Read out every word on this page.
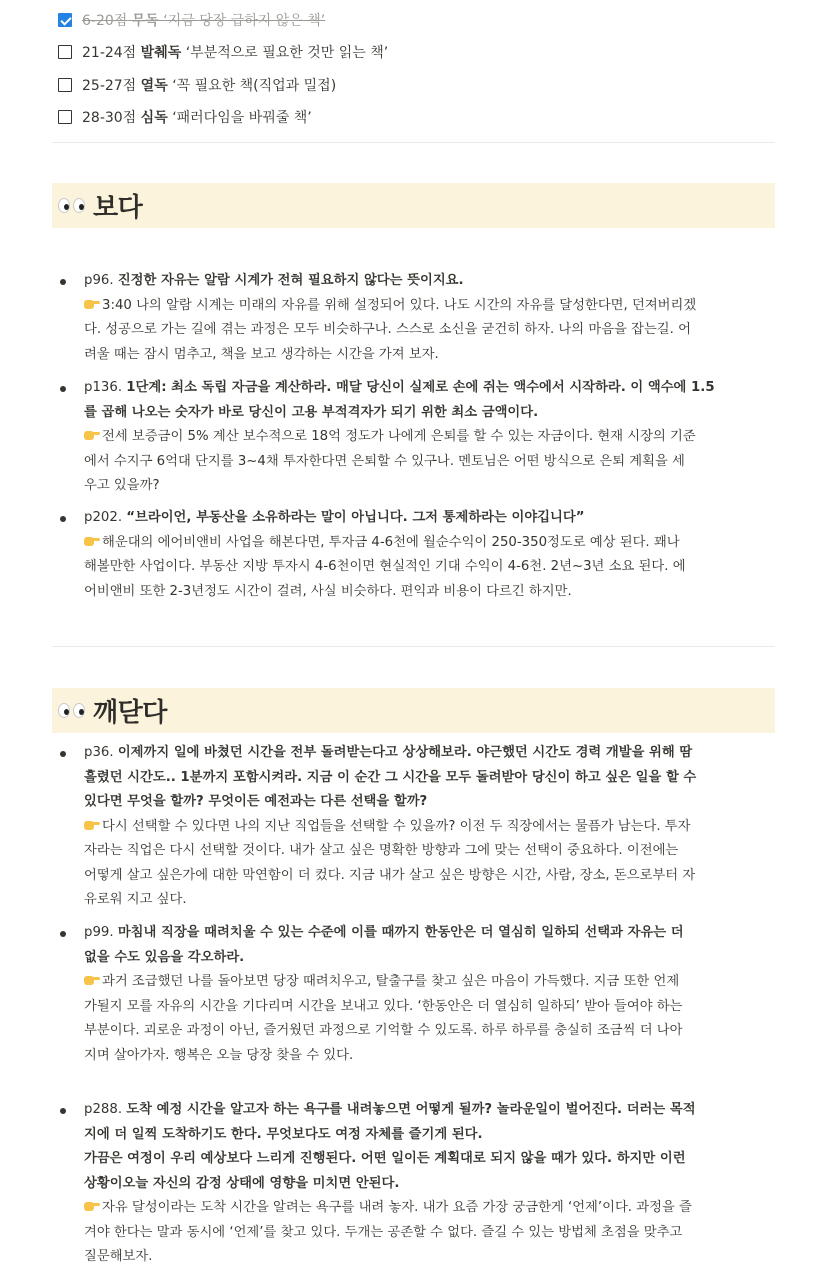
6-20점 무독 ‘지금 당장 급하지 않은 책’
21-24점 발췌독 ‘부분적으로 필요한 것만 읽는 책’
25-27점 열독 ‘꼭 필요한 책(직업과 밀접)
28-30점 심독 ‘패러다임을 바꿔줄 책’
보다
p96. 진정한 자유는 알람 시계가 전혀 필요하지 않다는 뜻이지요.
3:40 나의 알람 시계는 미래의 자유를 위해 설정되어 있다. 나도 시간의 자유를 달성한다면, 던져버리겠
다. 성공으로 가는 길에 겪는 과정은 모두 비슷하구나. 스스로 소신을 굳건히 하자. 나의 마음을 잡는길. 어
려울 때는 잠시 멈추고, 책을 보고 생각하는 시간을 가져 보자.
p136. 1단계: 최소 독립 자금을 계산하라. 매달 당신이 실제로 손에 쥐는 액수에서 시작하라. 이 액수에 1.5
를 곱해 나오는 숫자가 바로 당신이 고용 부적격자가 되기 위한 최소 금액이다.
전세 보증금이 5% 계산 보수적으로 18억 정도가 나에게 은퇴를 할 수 있는 자금이다. 현재 시장의 기준
에서 수지구 6억대 단지를 3~4채 투자한다면 은퇴할 수 있구나. 멘토님은 어떤 방식으로 은퇴 계획을 세
우고 있을까?
p202. “브라이언, 부동산을 소유하라는 말이 아닙니다. 그저 통제하라는 이야깁니다”
해운대의 에어비앤비 사업을 해본다면, 투자금 4-6천에 월순수익이 250-350정도로 예상 된다. 꽤나
해볼만한 사업이다. 부동산 지방 투자시 4-6천이면 현실적인 기대 수익이 4-6천. 2년~3년 소요 된다. 에
어비앤비 또한 2-3년정도 시간이 걸려, 사실 비슷하다. 편익과 비용이 다르긴 하지만.
깨닫다
p36. 이제까지 일에 바쳤던 시간을 전부 돌려받는다고 상상해보라. 야근했던 시간도 경력 개발을 위해 땀
흘렸던 시간도.. 1분까지 포함시켜라. 지금 이 순간 그 시간을 모두 돌려받아 당신이 하고 싶은 일을 할 수
있다면 무엇을 할까? 무엇이든 예전과는 다른 선택을 할까?
다시 선택할 수 있다면 나의 지난 직업들을 선택할 수 있을까? 이전 두 직장에서는 물픔가 남는다. 투자
자라는 직업은 다시 선택할 것이다. 내가 살고 싶은 명확한 방향과 그에 맞는 선택이 중요하다. 이전에는
어떻게 살고 싶은가에 대한 막연함이 더 컸다. 지금 내가 살고 싶은 방향은 시간, 사람, 장소, 돈으로부터 자
유로워 지고 싶다.
p99. 마침내 직장을 때려치울 수 있는 수준에 이를 때까지 한동안은 더 열심히 일하되 선택과 자유는 더
없을 수도 있음을 각오하라.
과거 조급했던 나를 돌아보면 당장 때려치우고, 탈출구를 찾고 싶은 마음이 가득했다. 지금 또한 언제
가될지 모를 자유의 시간을 기다리며 시간을 보내고 있다. ‘한동안은 더 열심히 일하되’ 받아 들여야 하는
부분이다. 괴로운 과정이 아닌, 즐거웠던 과정으로 기억할 수 있도록. 하루 하루를 충실히 조금씩 더 나아
지며 살아가자. 행복은 오늘 당장 찾을 수 있다.
p288. 도착 예정 시간을 알고자 하는 욕구를 내려놓으면 어떻게 될까? 놀라운일이 벌어진다. 더러는 목적
지에 더 일찍 도착하기도 한다. 무엇보다도 여정 자체를 즐기게 된다.
가끔은 여정이 우리 예상보다 느리게 진행된다. 어떤 일이든 계획대로 되지 않을 때가 있다. 하지만 이런
상황이오늘 자신의 감정 상태에 영향을 미치면 안된다.
자유 달성이라는 도착 시간을 알려는 욕구를 내려 놓자. 내가 요즘 가장 궁금한게 ‘언제’이다. 과정을 즐
겨야 한다는 말과 동시에 ‘언제’를 찾고 있다. 두개는 공존할 수 없다. 즐길 수 있는 방법체 초점을 맞추고
질문해보자.
